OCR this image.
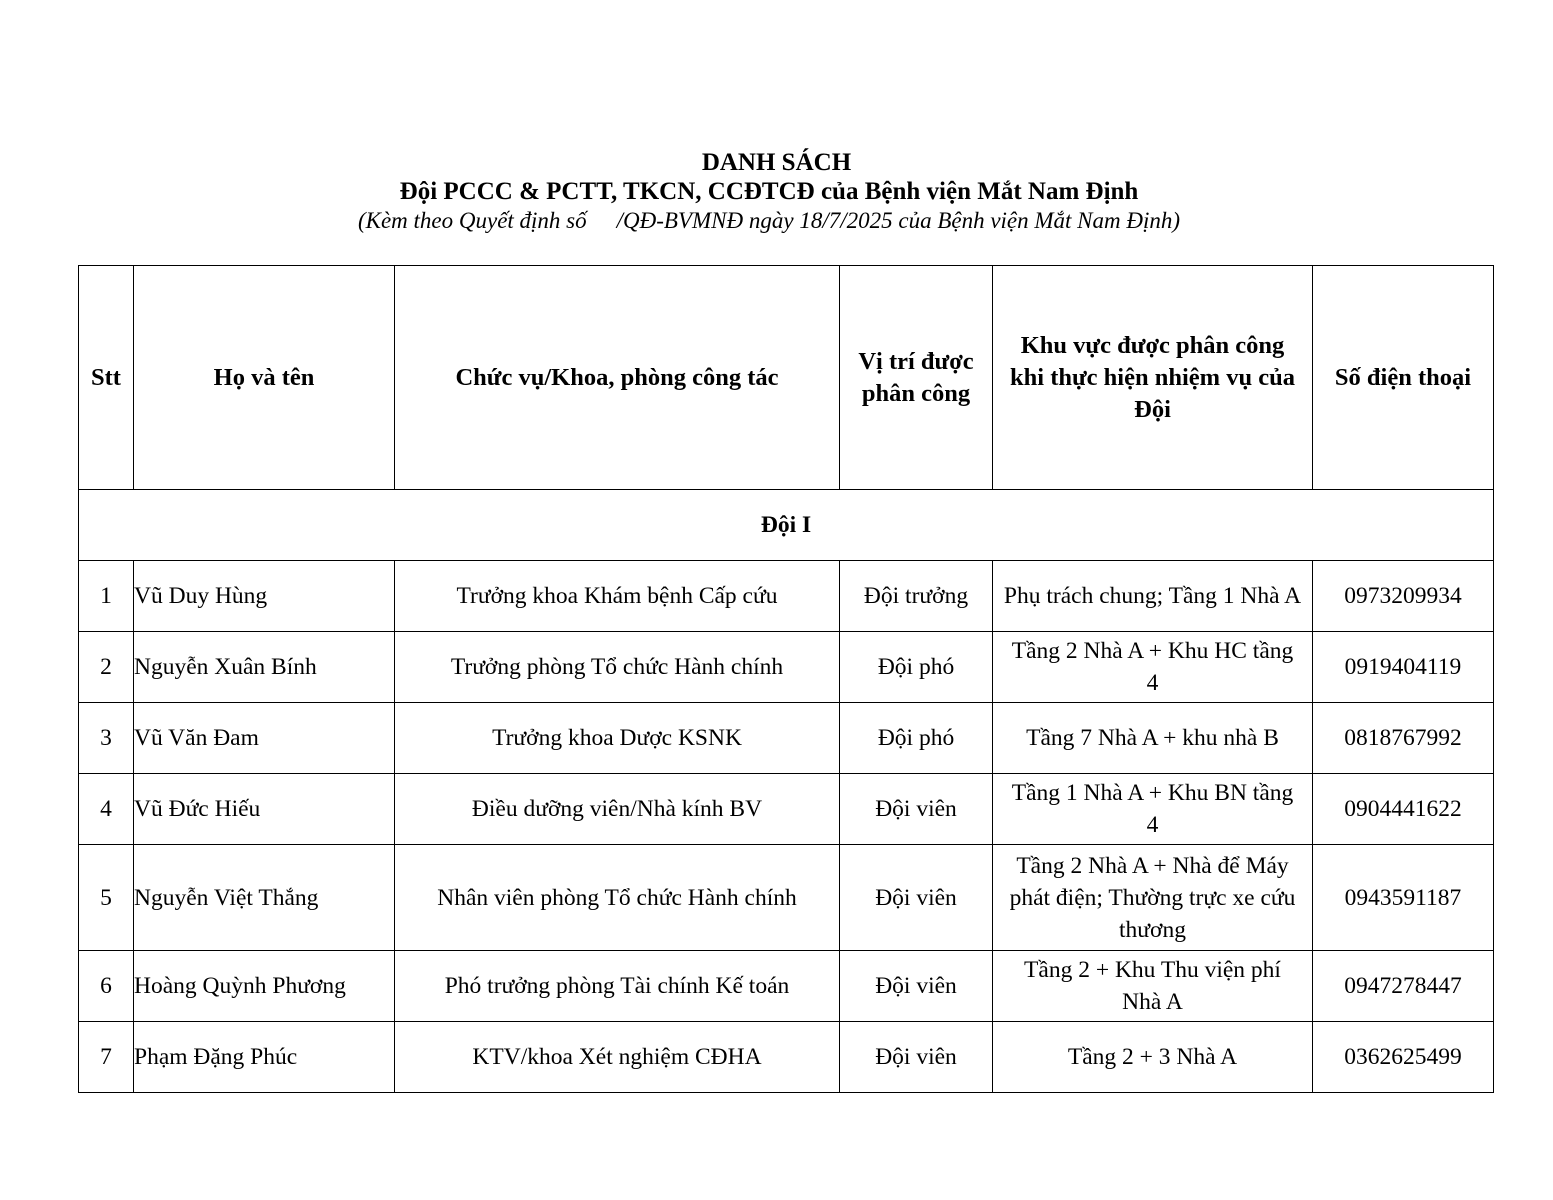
DANH SÁCH
Đội PCCC & PCTT, TKCN, CCĐTCĐ của Bệnh viện Mắt Nam Định
(Kèm theo Quyết định số /QĐ-BVMNĐ ngày 18/7/2025 của Bệnh viện Mắt Nam Định)
Stt	Họ và tên	Chức vụ/Khoa, phòng công tác	Vị trí được phân công	Khu vực được phân công khi thực hiện nhiệm vụ của Đội	Số điện thoại
Đội I					
1	Vũ Duy Hùng	Trưởng khoa Khám bệnh Cấp cứu	Đội trưởng	Phụ trách chung; Tầng 1 Nhà A	0973209934
2	Nguyễn Xuân Bính	Trưởng phòng Tổ chức Hành chính	Đội phó	Tầng 2 Nhà A + Khu HC tầng 4	0919404119
3	Vũ Văn Đam	Trưởng khoa Dược KSNK	Đội phó	Tầng 7 Nhà A + khu nhà B	0818767992
4	Vũ Đức Hiếu	Điều dưỡng viên/Nhà kính BV	Đội viên	Tầng 1 Nhà A + Khu BN tầng 4	0904441622
5	Nguyễn Việt Thắng	Nhân viên phòng Tổ chức Hành chính	Đội viên	Tầng 2 Nhà A + Nhà để Máy phát điện; Thường trực xe cứu thương	0943591187
6	Hoàng Quỳnh Phương	Phó trưởng phòng Tài chính Kế toán	Đội viên	Tầng 2 + Khu Thu viện phí Nhà A	0947278447
7	Phạm Đặng Phúc	KTV/khoa Xét nghiệm CĐHA	Đội viên	Tầng 2 + 3 Nhà A	0362625499
